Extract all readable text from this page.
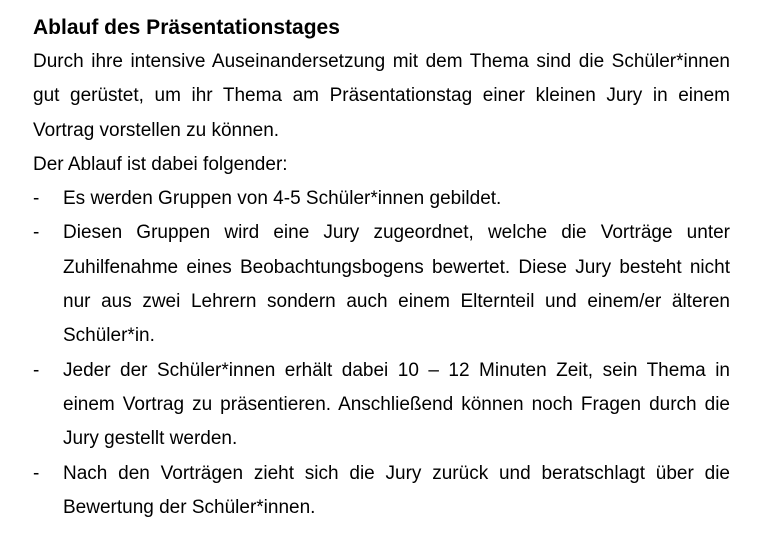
Ablauf des Präsentationstages

Durch ihre intensive Auseinandersetzung mit dem Thema sind die Schüler*innen gut gerüstet, um ihr Thema am Präsentationstag einer kleinen Jury in einem Vortrag vorstellen zu können.

Der Ablauf ist dabei folgender:

- Es werden Gruppen von 4-5 Schüler*innen gebildet.
- Diesen Gruppen wird eine Jury zugeordnet, welche die Vorträge unter Zuhilfenahme eines Beobachtungsbogens bewertet. Diese Jury besteht nicht nur aus zwei Lehrern sondern auch einem Elternteil und einem/er älteren Schüler*in.
- Jeder der Schüler*innen erhält dabei 10 – 12 Minuten Zeit, sein Thema in einem Vortrag zu präsentieren. Anschließend können noch Fragen durch die Jury gestellt werden.
- Nach den Vorträgen zieht sich die Jury zurück und beratschlagt über die Bewertung der Schüler*innen.
